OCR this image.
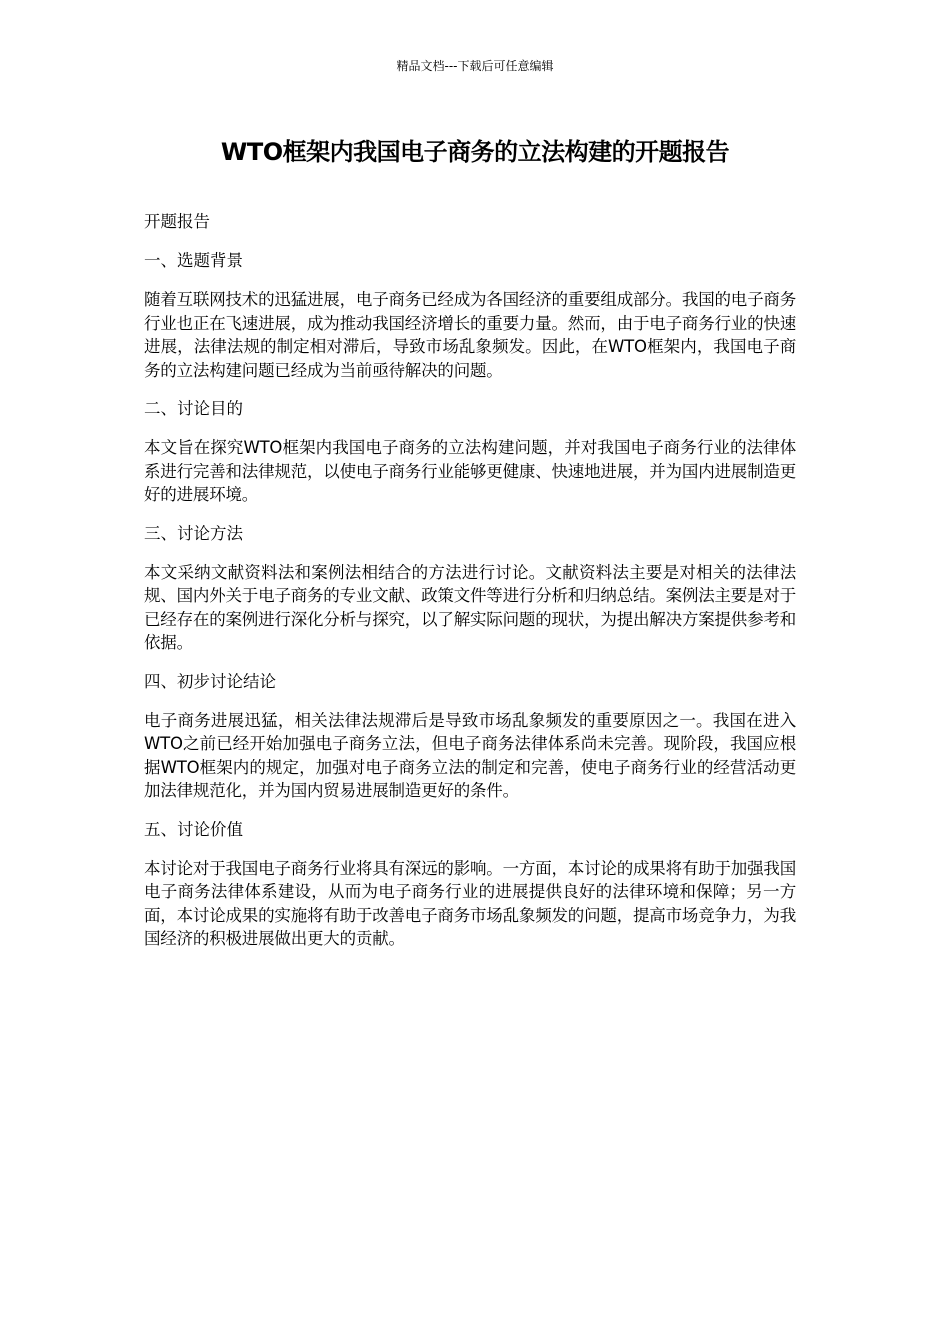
精品文档---下载后可任意编辑
WTO框架内我国电子商务的立法构建的开题报告

开题报告

一、选题背景

随着互联网技术的迅猛进展，电子商务已经成为各国经济的重要组成部分。我国的电子商务行业也正在飞速进展，成为推动我国经济增长的重要力量。然而，由于电子商务行业的快速进展，法律法规的制定相对滞后，导致市场乱象频发。因此，在WTO框架内，我国电子商务的立法构建问题已经成为当前亟待解决的问题。

二、讨论目的

本文旨在探究WTO框架内我国电子商务的立法构建问题，并对我国电子商务行业的法律体系进行完善和法律规范，以使电子商务行业能够更健康、快速地进展，并为国内进展制造更好的进展环境。

三、讨论方法

本文采纳文献资料法和案例法相结合的方法进行讨论。文献资料法主要是对相关的法律法规、国内外关于电子商务的专业文献、政策文件等进行分析和归纳总结。案例法主要是对于已经存在的案例进行深化分析与探究，以了解实际问题的现状，为提出解决方案提供参考和依据。

四、初步讨论结论

电子商务进展迅猛，相关法律法规滞后是导致市场乱象频发的重要原因之一。我国在进入WTO之前已经开始加强电子商务立法，但电子商务法律体系尚未完善。现阶段，我国应根据WTO框架内的规定，加强对电子商务立法的制定和完善，使电子商务行业的经营活动更加法律规范化，并为国内贸易进展制造更好的条件。

五、讨论价值

本讨论对于我国电子商务行业将具有深远的影响。一方面，本讨论的成果将有助于加强我国电子商务法律体系建设，从而为电子商务行业的进展提供良好的法律环境和保障；另一方面，本讨论成果的实施将有助于改善电子商务市场乱象频发的问题，提高市场竞争力，为我国经济的积极进展做出更大的贡献。
